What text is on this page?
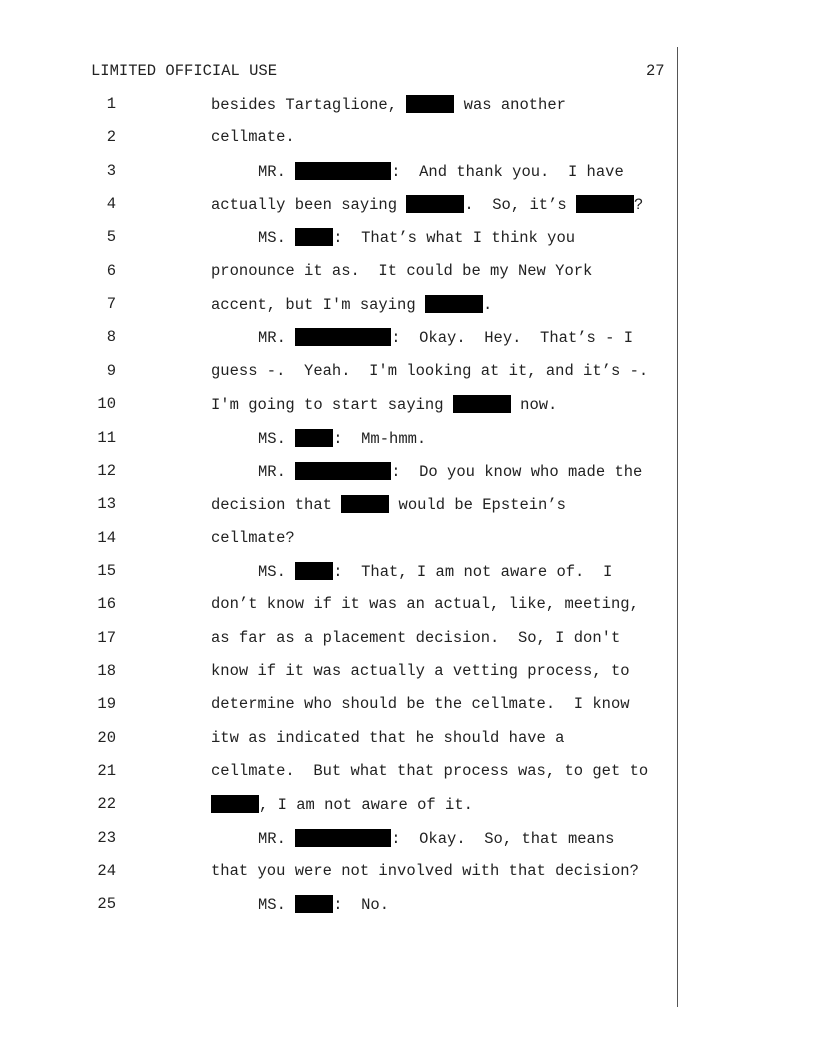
LIMITED OFFICIAL USE	27
1	besides Tartaglione,	was another
2	cellmate.
3	MR.	:  And thank you.  I have
4	actually been saying	.  So, it’s	?
5	MS. :  That’s what I think you
6	pronounce it as.  It could be my New York
7	accent, but I'm saying	.
8	MR.	:  Okay.  Hey.  That’s - I
9	guess -.  Yeah.  I'm looking at it, and it’s -.
10	I'm going to start saying	now.
11	MS. :  Mm-hmm.
12	MR.	:  Do you know who made the
13	decision that	would be Epstein’s
14	cellmate?
15	MS. :  That, I am not aware of.  I
16	don’t know if it was an actual, like, meeting,
17	as far as a placement decision.  So, I don't
18	know if it was actually a vetting process, to
19	determine who should be the cellmate.  I know
20	itw as indicated that he should have a
21	cellmate.  But what that process was, to get to
22	, I am not aware of it.
23	MR.	:  Okay.  So, that means
24	that you were not involved with that decision?
25	MS. :  No.
